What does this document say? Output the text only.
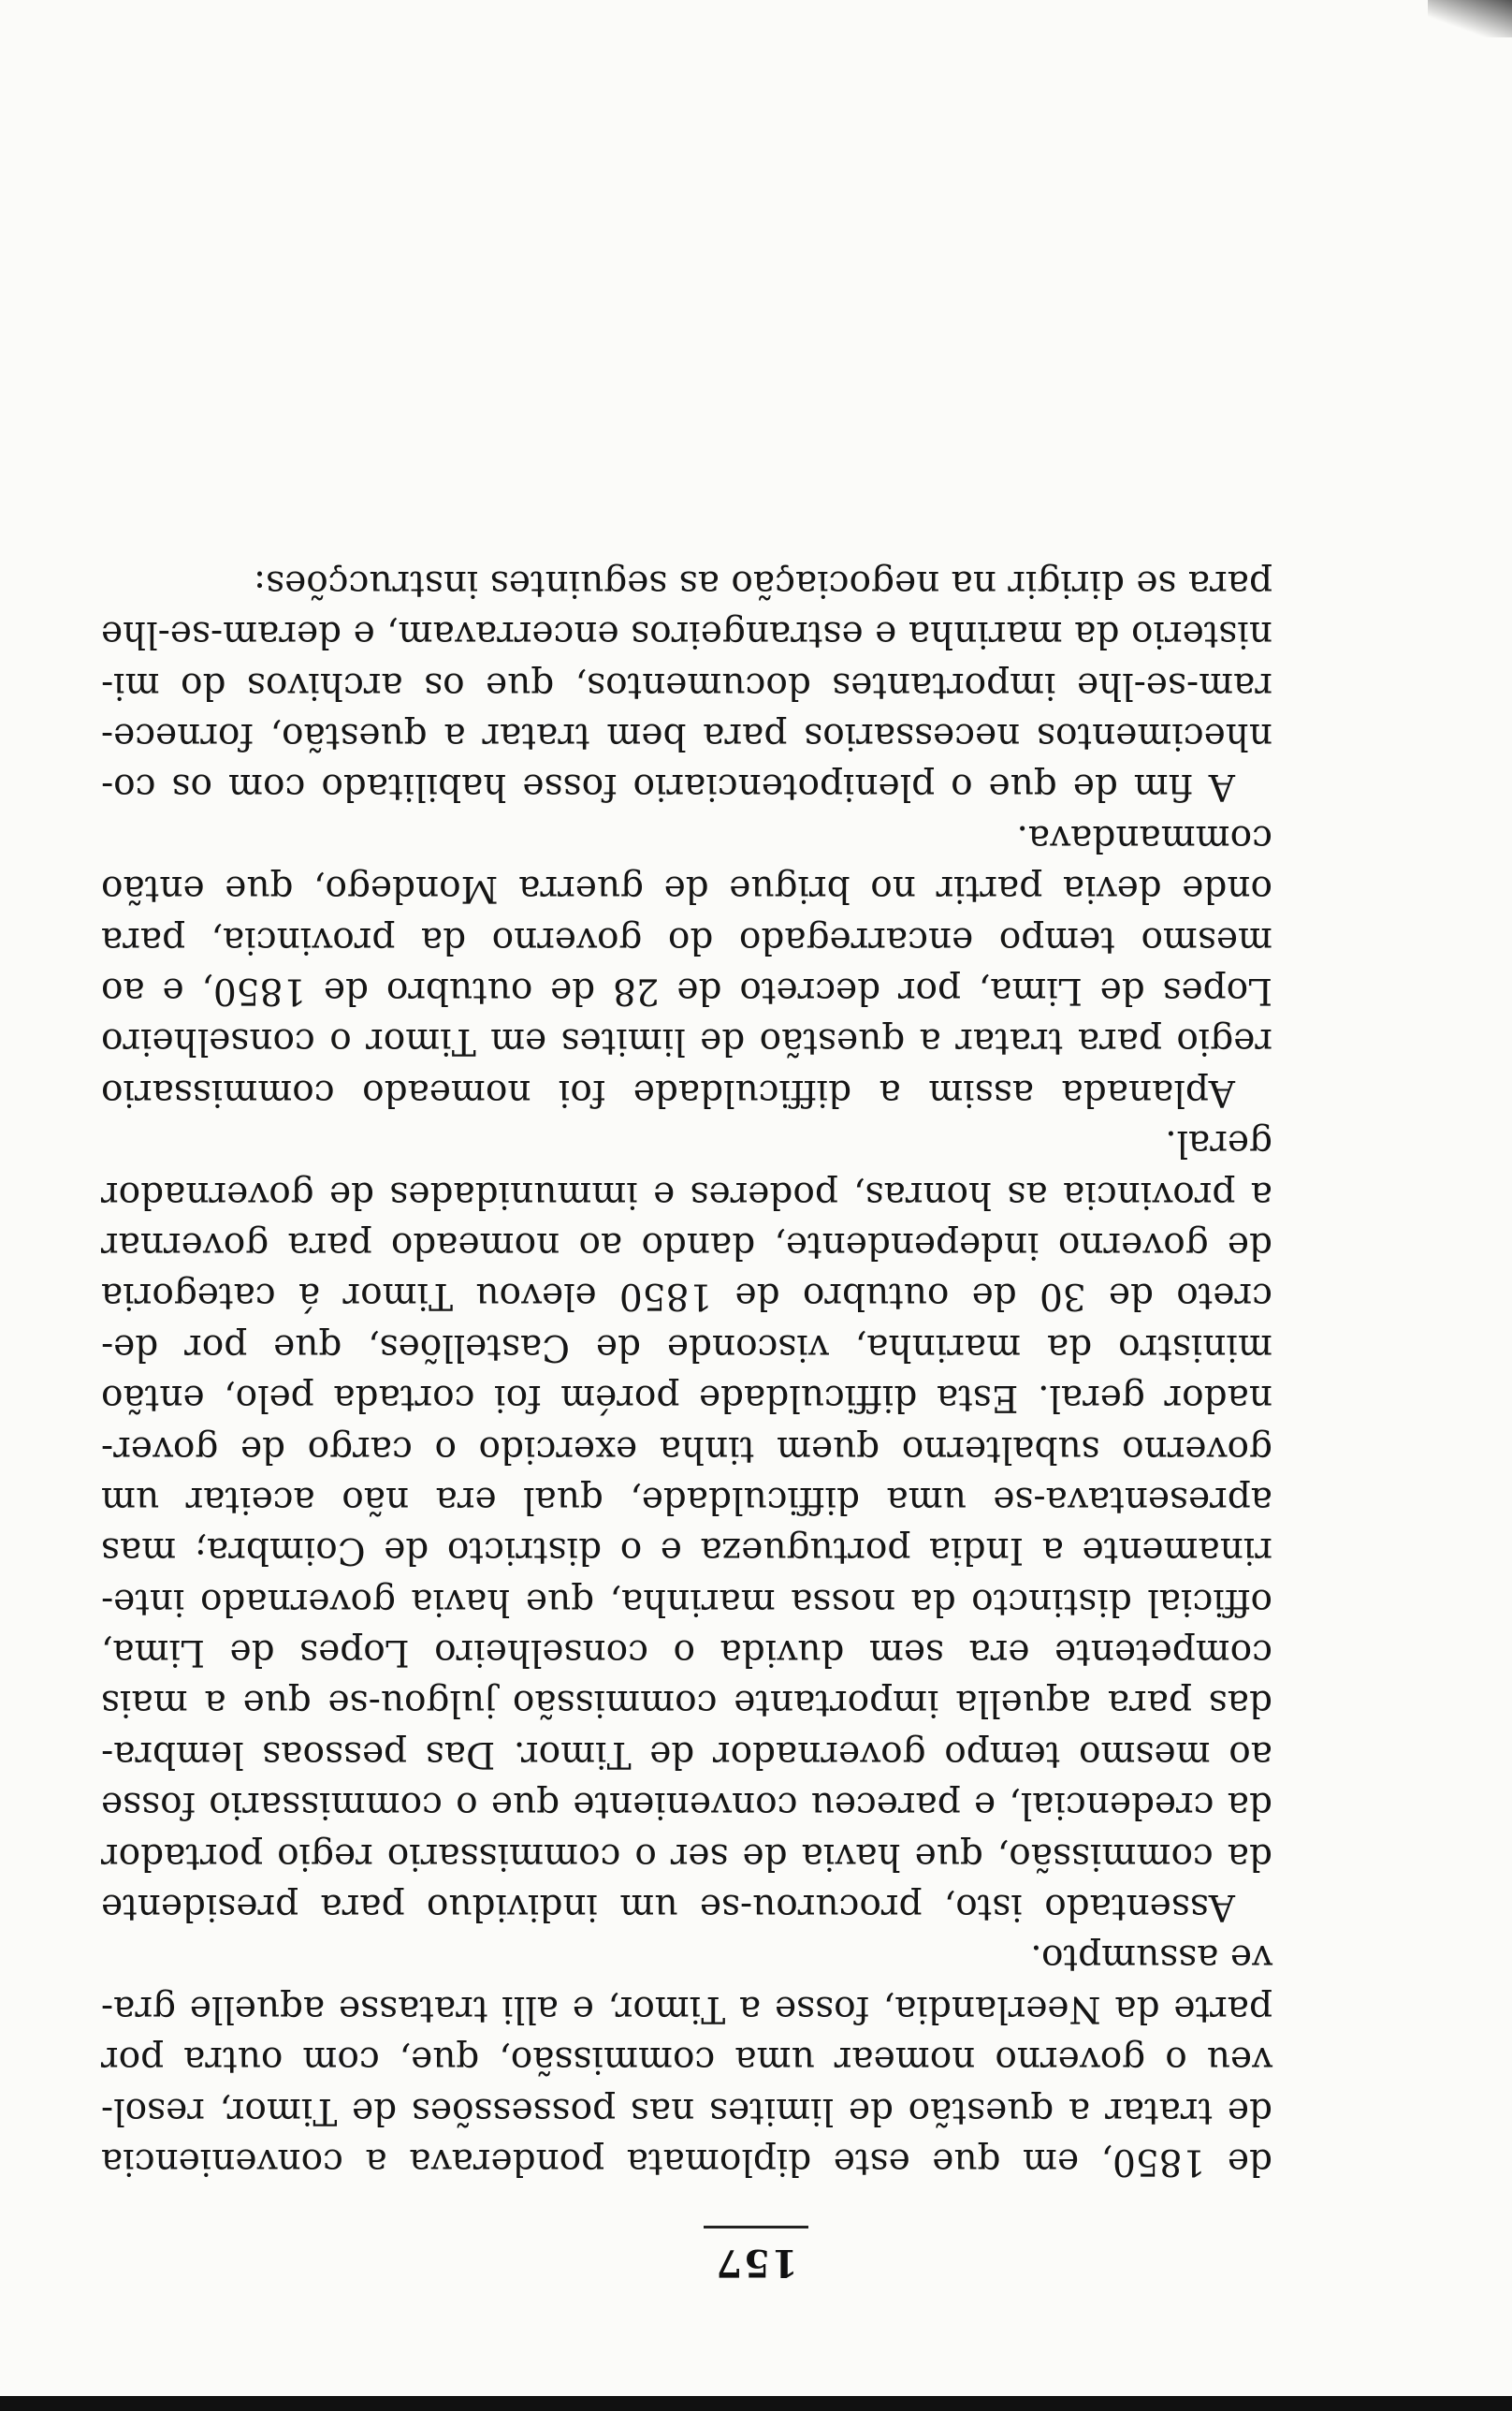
157
de 1850, em que este diplomata ponderava a conveniencia
de tratar a questão de limites nas possessões de Timor, resol-
veu o governo nomear uma commissão, que, com outra por
parte da Neerlandia, fosse a Timor, e alli tratasse aquelle gra-
ve assumpto.
Assentado isto, procurou-se um individuo para presidente
da commissão, que havia de ser o commissario regio portador
da credencial, e pareceu conveniente que o commissario fosse
ao mesmo tempo governador de Timor. Das pessoas lembra-
das para aquella importante commissão julgou-se que a mais
competente era sem duvida o conselheiro Lopes de Lima,
official distincto da nossa marinha, que havia governado inte-
rinamente a India portugueza e o districto de Coimbra; mas
apresentava-se uma difficuldade, qual era não aceitar um
governo subalterno quem tinha exercido o cargo de gover-
nador geral. Esta difficuldade porém foi cortada pelo, então
ministro da marinha, visconde de Castellões, que por de-
creto de 30 de outubro de 1850 elevou Timor á categoria
de governo independente, dando ao nomeado para governar
a provincia as honras, poderes e immunidades de governador
geral.
Aplanada assim a difficuldade foi nomeado commissario
regio para tratar a questão de limites em Timor o conselheiro
Lopes de Lima, por decreto de 28 de outubro de 1850, e ao
mesmo tempo encarregado do governo da provincia, para
onde devia partir no brigue de guerra Mondego, que então
commandava.
A fim de que o plenipotenciario fosse habilitado com os co-
nhecimentos necessarios para bem tratar a questão, fornece-
ram-se-lhe importantes documentos, que os archivos do mi-
nisterio da marinha e estrangeiros encerravam, e deram-se-lhe
para se dirigir na negociação as seguintes instrucções:
